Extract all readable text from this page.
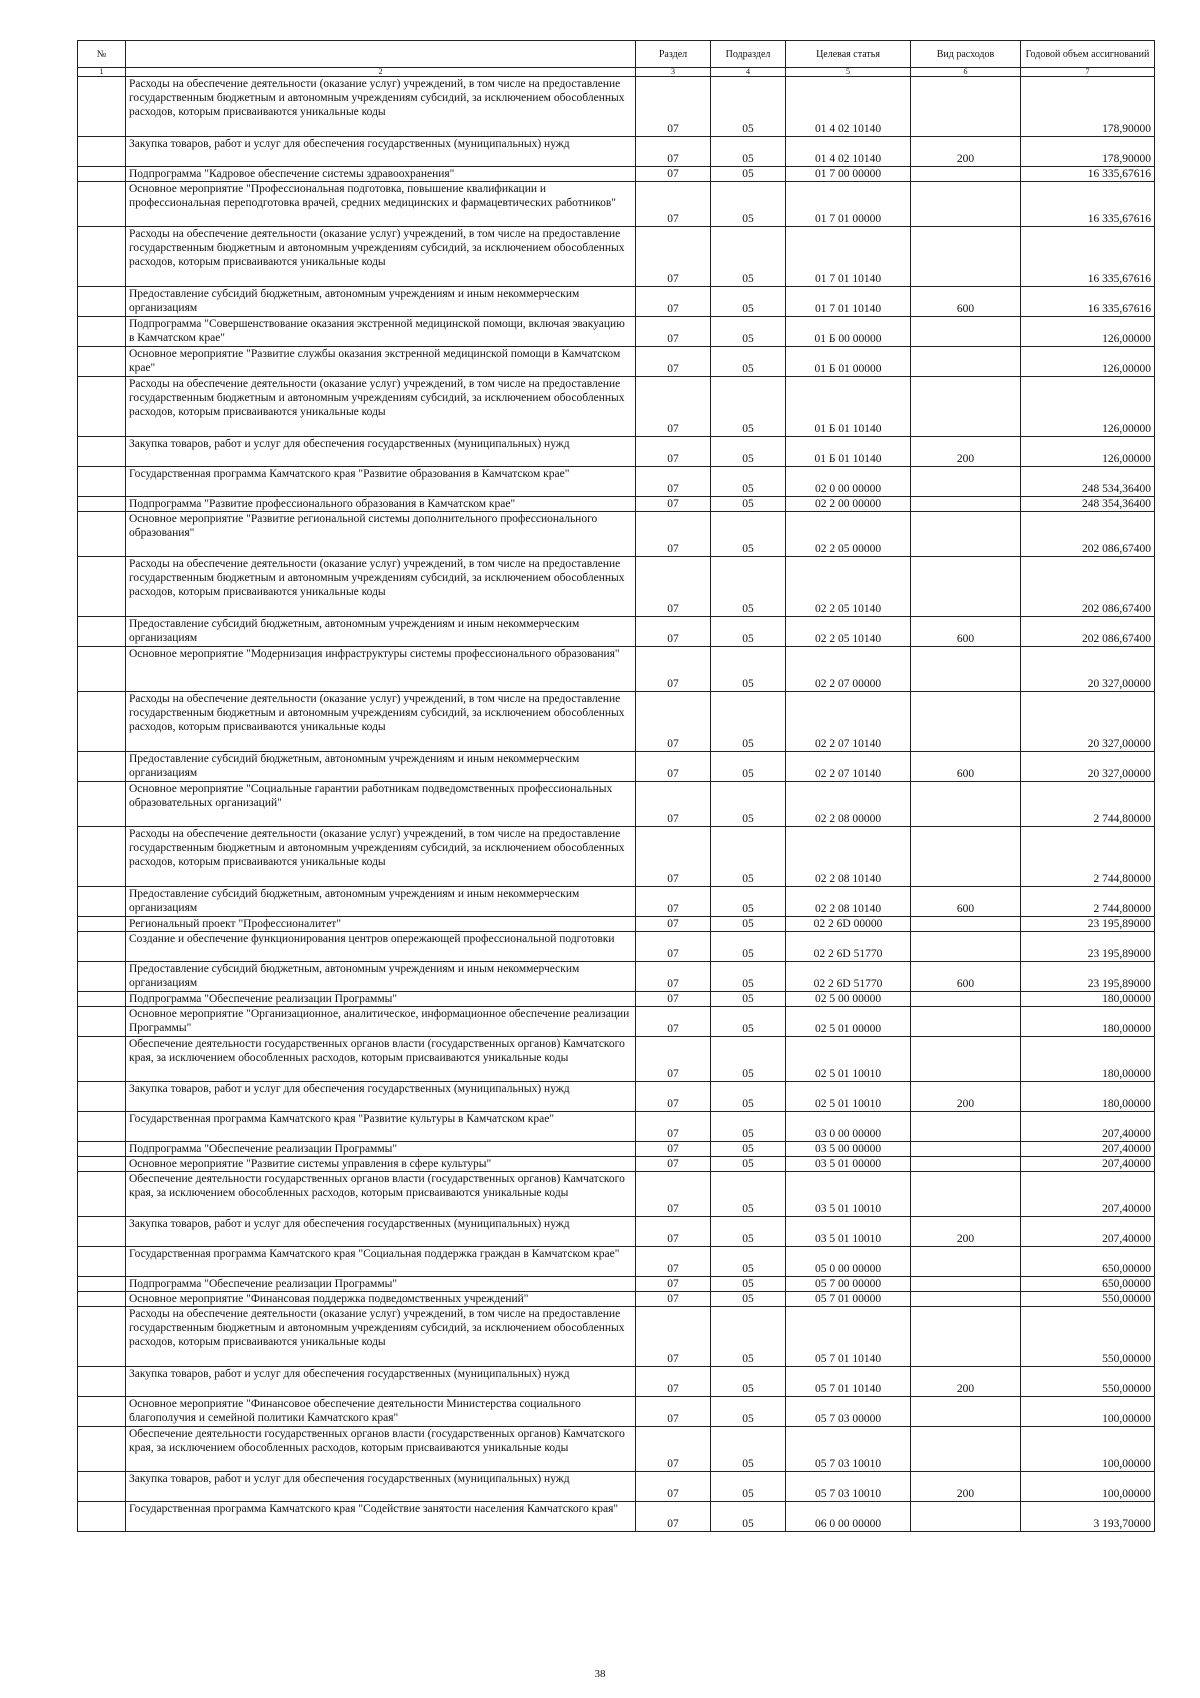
№		Раздел	Подраздел	Целевая статья	Вид расходов	Годовой объем ассигнований
1	2	3	4	5	6	7
	Расходы на обеспечение деятельности (оказание услуг) учреждений, в том числе на предоставление государственным бюджетным и автономным учреждениям субсидий, за исключением обособленных расходов, которым присваиваются уникальные коды	07	05	01 4 02 10140		178,90000
	Закупка товаров, работ и услуг для обеспечения государственных (муниципальных) нужд	07	05	01 4 02 10140	200	178,90000
	Подпрограмма "Кадровое обеспечение системы здравоохранения"	07	05	01 7 00 00000		16 335,67616
	Основное мероприятие "Профессиональная подготовка, повышение квалификации и профессиональная переподготовка врачей, средних медицинских и фармацевтических работников"	07	05	01 7 01 00000		16 335,67616
	Расходы на обеспечение деятельности (оказание услуг) учреждений, в том числе на предоставление государственным бюджетным и автономным учреждениям субсидий, за исключением обособленных расходов, которым присваиваются уникальные коды	07	05	01 7 01 10140		16 335,67616
	Предоставление субсидий бюджетным, автономным учреждениям и иным некоммерческим организациям	07	05	01 7 01 10140	600	16 335,67616
	Подпрограмма "Совершенствование оказания экстренной медицинской помощи, включая эвакуацию в Камчатском крае"	07	05	01 Б 00 00000		126,00000
	Основное мероприятие "Развитие службы оказания экстренной медицинской помощи в Камчатском крае"	07	05	01 Б 01 00000		126,00000
	Расходы на обеспечение деятельности (оказание услуг) учреждений, в том числе на предоставление государственным бюджетным и автономным учреждениям субсидий, за исключением обособленных расходов, которым присваиваются уникальные коды	07	05	01 Б 01 10140		126,00000
	Закупка товаров, работ и услуг для обеспечения государственных (муниципальных) нужд	07	05	01 Б 01 10140	200	126,00000
	Государственная программа Камчатского края "Развитие образования в Камчатском крае"	07	05	02 0 00 00000		248 534,36400
	Подпрограмма "Развитие профессионального образования в Камчатском крае"	07	05	02 2 00 00000		248 354,36400
	Основное мероприятие "Развитие региональной системы дополнительного профессионального образования"	07	05	02 2 05 00000		202 086,67400
	Расходы на обеспечение деятельности (оказание услуг) учреждений, в том числе на предоставление государственным бюджетным и автономным учреждениям субсидий, за исключением обособленных расходов, которым присваиваются уникальные коды	07	05	02 2 05 10140		202 086,67400
	Предоставление субсидий бюджетным, автономным учреждениям и иным некоммерческим организациям	07	05	02 2 05 10140	600	202 086,67400
	Основное мероприятие "Модернизация инфраструктуры системы профессионального образования"	07	05	02 2 07 00000		20 327,00000
	Расходы на обеспечение деятельности (оказание услуг) учреждений, в том числе на предоставление государственным бюджетным и автономным учреждениям субсидий, за исключением обособленных расходов, которым присваиваются уникальные коды	07	05	02 2 07 10140		20 327,00000
	Предоставление субсидий бюджетным, автономным учреждениям и иным некоммерческим организациям	07	05	02 2 07 10140	600	20 327,00000
	Основное мероприятие "Социальные гарантии работникам подведомственных профессиональных образовательных организаций"	07	05	02 2 08 00000		2 744,80000
	Расходы на обеспечение деятельности (оказание услуг) учреждений, в том числе на предоставление государственным бюджетным и автономным учреждениям субсидий, за исключением обособленных расходов, которым присваиваются уникальные коды	07	05	02 2 08 10140		2 744,80000
	Предоставление субсидий бюджетным, автономным учреждениям и иным некоммерческим организациям	07	05	02 2 08 10140	600	2 744,80000
	Региональный проект "Профессионалитет"	07	05	02 2 6D 00000		23 195,89000
	Создание и обеспечение функционирования центров опережающей профессиональной подготовки	07	05	02 2 6D 51770		23 195,89000
	Предоставление субсидий бюджетным, автономным учреждениям и иным некоммерческим организациям	07	05	02 2 6D 51770	600	23 195,89000
	Подпрограмма "Обеспечение реализации Программы"	07	05	02 5 00 00000		180,00000
	Основное мероприятие "Организационное, аналитическое, информационное обеспечение реализации Программы"	07	05	02 5 01 00000		180,00000
	Обеспечение деятельности государственных органов власти (государственных органов) Камчатского края, за исключением обособленных расходов, которым присваиваются уникальные коды	07	05	02 5 01 10010		180,00000
	Закупка товаров, работ и услуг для обеспечения государственных (муниципальных) нужд	07	05	02 5 01 10010	200	180,00000
	Государственная программа Камчатского края "Развитие культуры в Камчатском крае"	07	05	03 0 00 00000		207,40000
	Подпрограмма "Обеспечение реализации Программы"	07	05	03 5 00 00000		207,40000
	Основное мероприятие "Развитие системы управления в сфере культуры"	07	05	03 5 01 00000		207,40000
	Обеспечение деятельности государственных органов власти (государственных органов) Камчатского края, за исключением обособленных расходов, которым присваиваются уникальные коды	07	05	03 5 01 10010		207,40000
	Закупка товаров, работ и услуг для обеспечения государственных (муниципальных) нужд	07	05	03 5 01 10010	200	207,40000
	Государственная программа Камчатского края "Социальная поддержка граждан в Камчатском крае"	07	05	05 0 00 00000		650,00000
	Подпрограмма "Обеспечение реализации Программы"	07	05	05 7 00 00000		650,00000
	Основное мероприятие "Финансовая поддержка подведомственных учреждений"	07	05	05 7 01 00000		550,00000
	Расходы на обеспечение деятельности (оказание услуг) учреждений, в том числе на предоставление государственным бюджетным и автономным учреждениям субсидий, за исключением обособленных расходов, которым присваиваются уникальные коды	07	05	05 7 01 10140		550,00000
	Закупка товаров, работ и услуг для обеспечения государственных (муниципальных) нужд	07	05	05 7 01 10140	200	550,00000
	Основное мероприятие "Финансовое обеспечение деятельности Министерства социального благополучия и семейной политики Камчатского края"	07	05	05 7 03 00000		100,00000
	Обеспечение деятельности государственных органов власти (государственных органов) Камчатского края, за исключением обособленных расходов, которым присваиваются уникальные коды	07	05	05 7 03 10010		100,00000
	Закупка товаров, работ и услуг для обеспечения государственных (муниципальных) нужд	07	05	05 7 03 10010	200	100,00000
	Государственная программа Камчатского края "Содействие занятости населения Камчатского края"	07	05	06 0 00 00000		3 193,70000
38
